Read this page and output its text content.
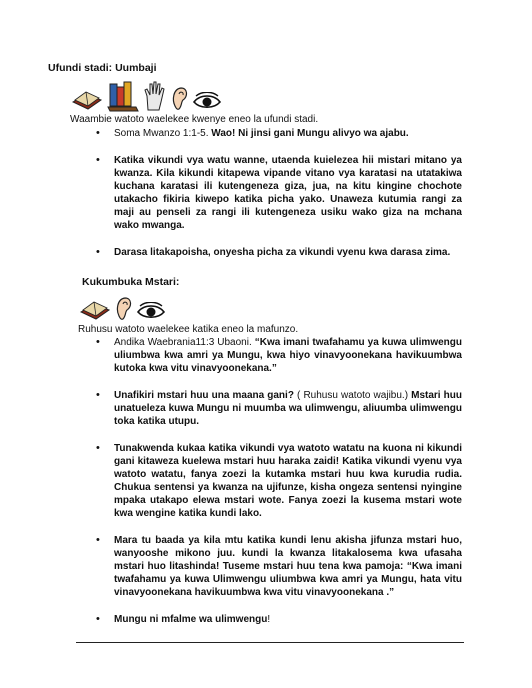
Ufundi stadi: Uumbaji
Waambie watoto waelekee kwenye eneo la ufundi stadi.
• Soma Mwanzo 1:1-5. Wao! Ni jinsi gani Mungu alivyo wa ajabu.
• Katika vikundi vya watu wanne, utaenda kuielezea hii mistari mitano ya kwanza. Kila kikundi kitapewa vipande vitano vya karatasi na utatakiwa kuchana karatasi ili kutengeneza giza, jua, na kitu kingine chochote utakacho fikiria kiwepo katika picha yako. Unaweza kutumia rangi za maji au penseli za rangi ili kutengeneza usiku wako giza na mchana wako mwanga.
• Darasa litakapoisha, onyesha picha za vikundi vyenu kwa darasa zima.
Kukumbuka Mstari:
Ruhusu watoto waelekee katika eneo la mafunzo.
• Andika Waebrania11:3 Ubaoni. “Kwa imani twafahamu ya kuwa ulimwengu uliumbwa kwa amri ya Mungu, kwa hiyo vinavyoonekana havikuumbwa kutoka kwa vitu vinavyoonekana.”
• Unafikiri mstari huu una maana gani? ( Ruhusu watoto wajibu.) Mstari huu unatueleza kuwa Mungu ni muumba wa ulimwengu, aliuumba ulimwengu toka katika utupu.
• Tunakwenda kukaa katika vikundi vya watoto watatu na kuona ni kikundi gani kitaweza kuelewa mstari huu haraka zaidi! Katika vikundi vyenu vya watoto watatu, fanya zoezi la kutamka mstari huu kwa kurudia rudia. Chukua sentensi ya kwanza na ujifunze, kisha ongeza sentensi nyingine mpaka utakapo elewa mstari wote. Fanya zoezi la kusema mstari wote kwa wengine katika kundi lako.
• Mara tu baada ya kila mtu katika kundi lenu akisha jifunza mstari huo, wanyooshe mikono juu. kundi la kwanza litakalosema kwa ufasaha mstari huo litashinda! Tuseme mstari huu tena kwa pamoja: “Kwa imani twafahamu ya kuwa Ulimwengu uliumbwa kwa amri ya Mungu, hata vitu vinavyoonekana havikuumbwa kwa vitu vinavyoonekana .”
• Mungu ni mfalme wa ulimwengu!
